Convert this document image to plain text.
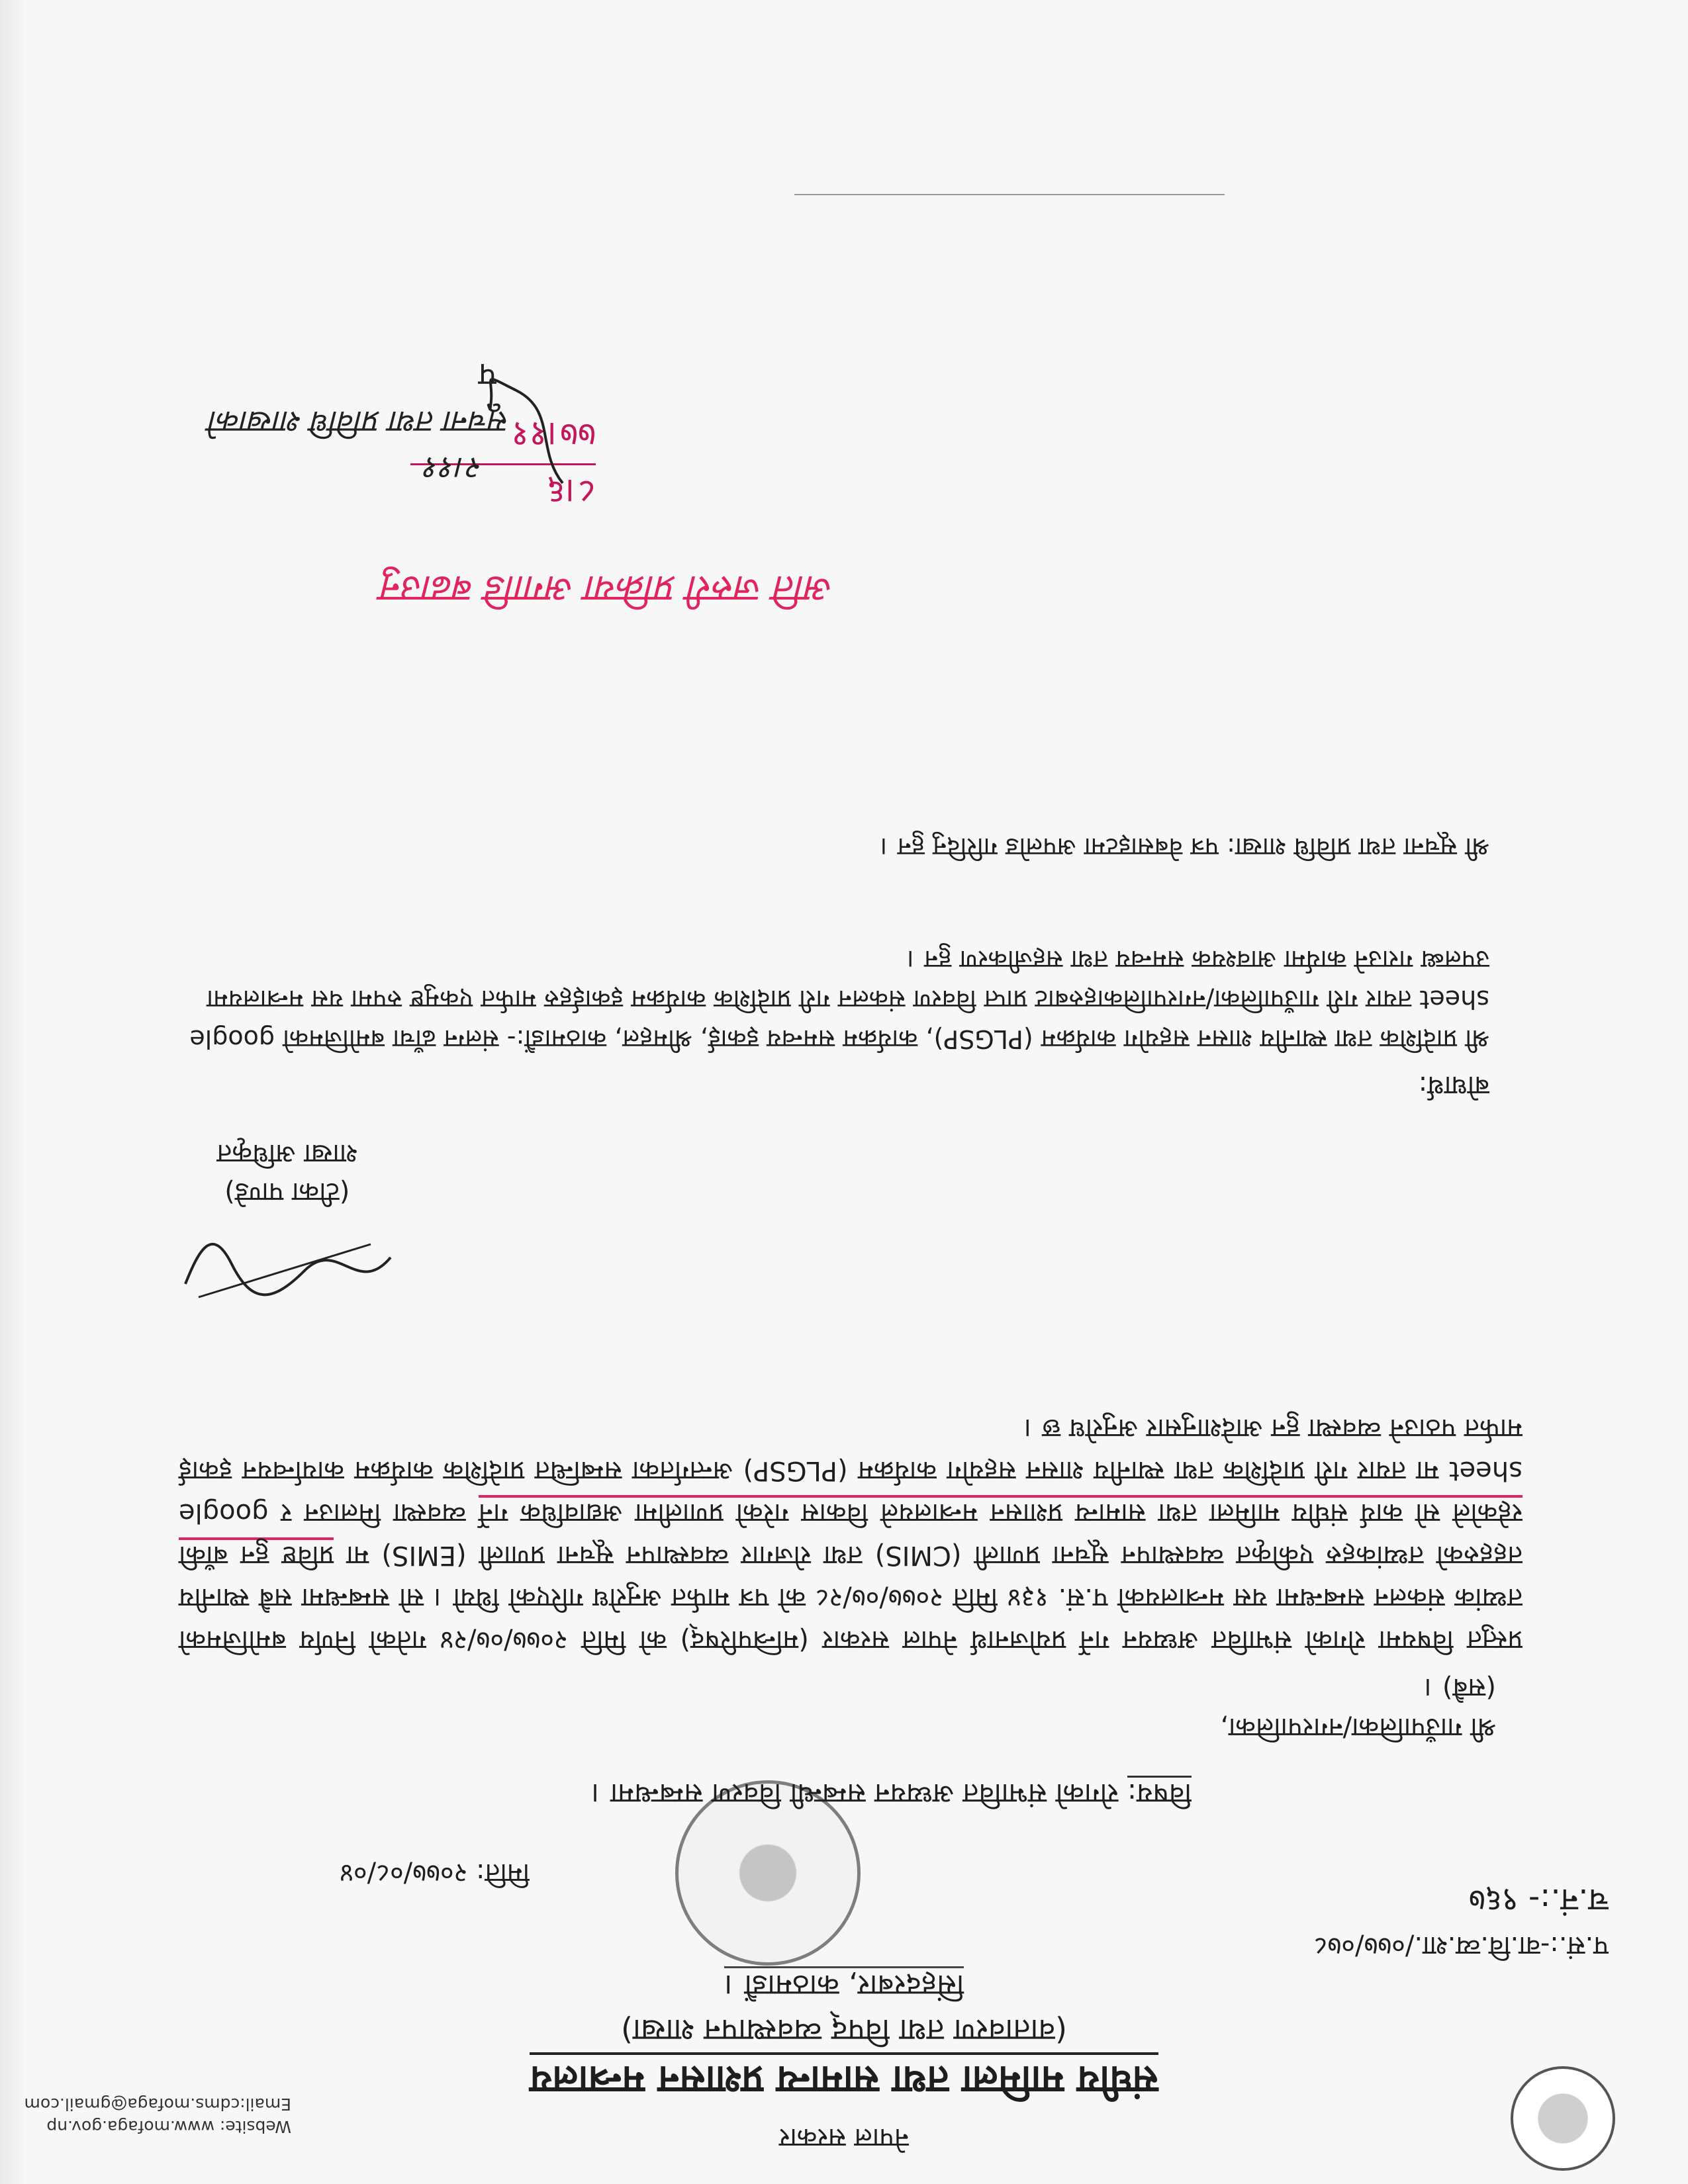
नेपाल सरकार
Website: www.mofaga.gov.np
Email:cdms.mofaga@gmail.com
संघीय मामिला तथा सामान्य प्रशासन मन्त्रालय
(वातावरण तथा विपद् व्यवस्थापन शाखा)
सिंहदरबार, काठमाडौं ।
प.सं.:-वा.वि.व्य.शा./०७७/०७८
च.नं.:- ९६७
मिति: २०७७/०८/०४
विषय: रोगको संभावित अध्ययन सम्बन्धी विवरण सम्बन्धमा ।
श्री गाउँपालिका/नगरपालिका,
(सबै) ।
प्रस्तुत विषयमा रोगको संभावित अध्ययन गर्ने प्रयोजनार्थ नेपाल सरकार (मन्त्रिपरिषद्) को मिति २०७७/०७/२४ गतेको निर्णय बमोजिमको तथ्यांक संकलन सम्बन्धमा यस मन्त्रालयको प.सं. १३४ मिति २०७७/०७/२८ को पत्र मार्फत अनुरोध गरिएको थियो । सो सम्बन्धमा सबै स्थानीय तहहरुको तथ्यांकहरु एकीकृत व्यवस्थापन सूचना प्रणाली (CMIS) तथा रोजगार व्यवस्थापन सूचना प्रणाली (EMIS) मा प्रविष्ट हुन बाँकी रहेकोले सो कार्य संघीय मामिला तथा सामान्य प्रशासन मन्त्रालयले विकास गरेको प्रणालीमा अद्यावधिक गर्ने व्यवस्था मिलाउन र google sheet मा तयार गरी प्रादेशिक तथा स्थानीय शासन सहयोग कार्यक्रम (PLGSP) अन्तर्गतका सम्बन्धित प्रादेशिक कार्यक्रम कार्यान्वयन इकाई मार्फत पठाउने व्यवस्था हुन आदेशानुसार अनुरोध छ ।
(टीका पाण्डे)
शाखा अधिकृत
बोधार्थ:
श्री प्रादेशिक तथा स्थानीय शासन सहयोग कार्यक्रम (PLGSP), कार्यक्रम समन्वय इकाई, श्रीमहल, काठमाडौं:- संलग्न ढाँचा बमोजिमको google sheet तयार गरी गाउँपालिका/नगरपालिकाहरुबाट प्राप्त विवरण संकलन गरी प्रादेशिक कार्यक्रम इकाईहरु मार्फत एकमुष्ट रुपमा यस मन्त्रालयमा उपलब्ध गराउने कार्यमा आवश्यक समन्वय तथा सहजीकरण हुन ।
श्री सूचना तथा प्रविधि शाखा: पत्र वेबसाइटमा अपलोड गरिदिनु हुन ।
अति जरुरी प्रक्रिया अगाडि बढाउनु
८।६
७७।११
२।११
सूचना तथा प्रविधि शाखाको
प
